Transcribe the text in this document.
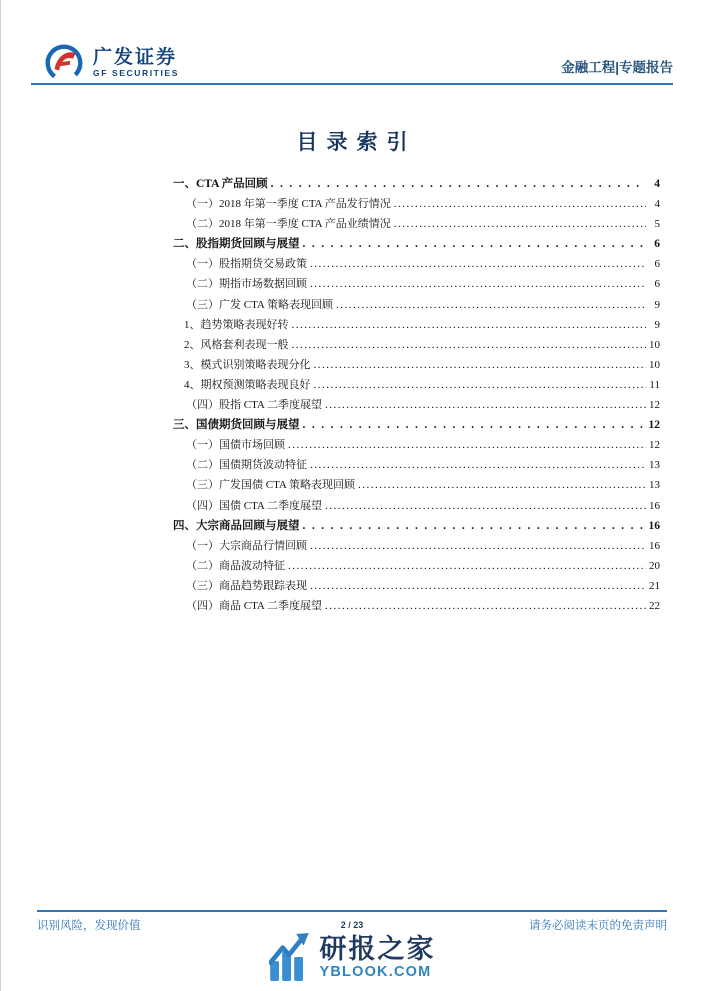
广发证券
GF SECURITIES	金融工程|专题报告
目录索引
一、CTA 产品回顾 .....	4
（一）2018 年第一季度 CTA 产品发行情况 .....	4
（二）2018 年第一季度 CTA 产品业绩情况 .....	5
二、股指期货回顾与展望 .....	6
（一）股指期货交易政策 .....	6
（二）期指市场数据回顾 .....	6
（三）广发 CTA 策略表现回顾 .....	9
1、趋势策略表现好转 .....	9
2、风格套利表现一般 .....	10
3、模式识别策略表现分化 .....	10
4、期权预测策略表现良好 .....	11
（四）股指 CTA 二季度展望 .....	12
三、国债期货回顾与展望 .....	12
（一）国债市场回顾 .....	12
（二）国债期货波动特征 .....	13
（三）广发国债 CTA 策略表现回顾 .....	13
（四）国债 CTA 二季度展望 .....	16
四、大宗商品回顾与展望 .....	16
（一）大宗商品行情回顾 .....	16
（二）商品波动特征 .....	20
（三）商品趋势跟踪表现 .....	21
（四）商品 CTA 二季度展望 .....	22
识别风险，发现价值	请务必阅读末页的免责声明
2 / 23
研报之家
YBLOOK.COM
